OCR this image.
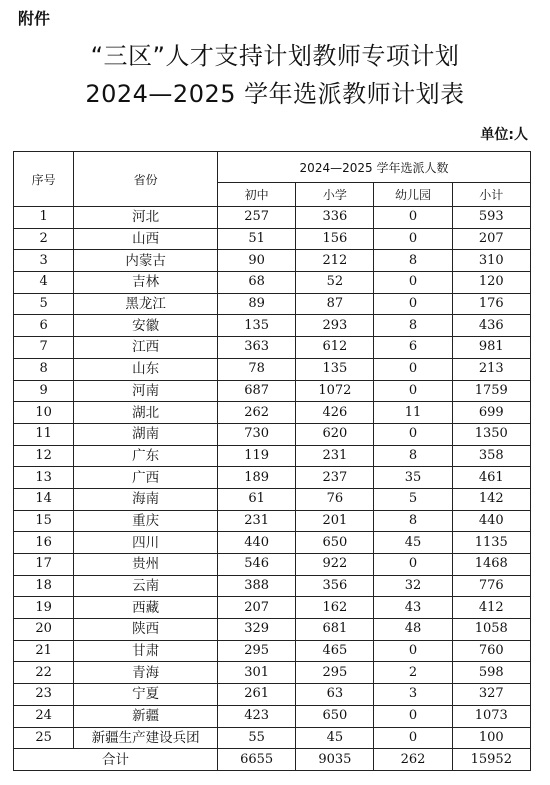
附件
“三区”人才支持计划教师专项计划
2024—2025 学年选派教师计划表
单位:人
序号	省份	2024—2025 学年选派人数			
		初中	小学	幼儿园	小计
1	河北	257	336	0	593
2	山西	51	156	0	207
3	内蒙古	90	212	8	310
4	吉林	68	52	0	120
5	黑龙江	89	87	0	176
6	安徽	135	293	8	436
7	江西	363	612	6	981
8	山东	78	135	0	213
9	河南	687	1072	0	1759
10	湖北	262	426	11	699
11	湖南	730	620	0	1350
12	广东	119	231	8	358
13	广西	189	237	35	461
14	海南	61	76	5	142
15	重庆	231	201	8	440
16	四川	440	650	45	1135
17	贵州	546	922	0	1468
18	云南	388	356	32	776
19	西藏	207	162	43	412
20	陕西	329	681	48	1058
21	甘肃	295	465	0	760
22	青海	301	295	2	598
23	宁夏	261	63	3	327
24	新疆	423	650	0	1073
25	新疆生产建设兵团	55	45	0	100
合计		6655	9035	262	15952
